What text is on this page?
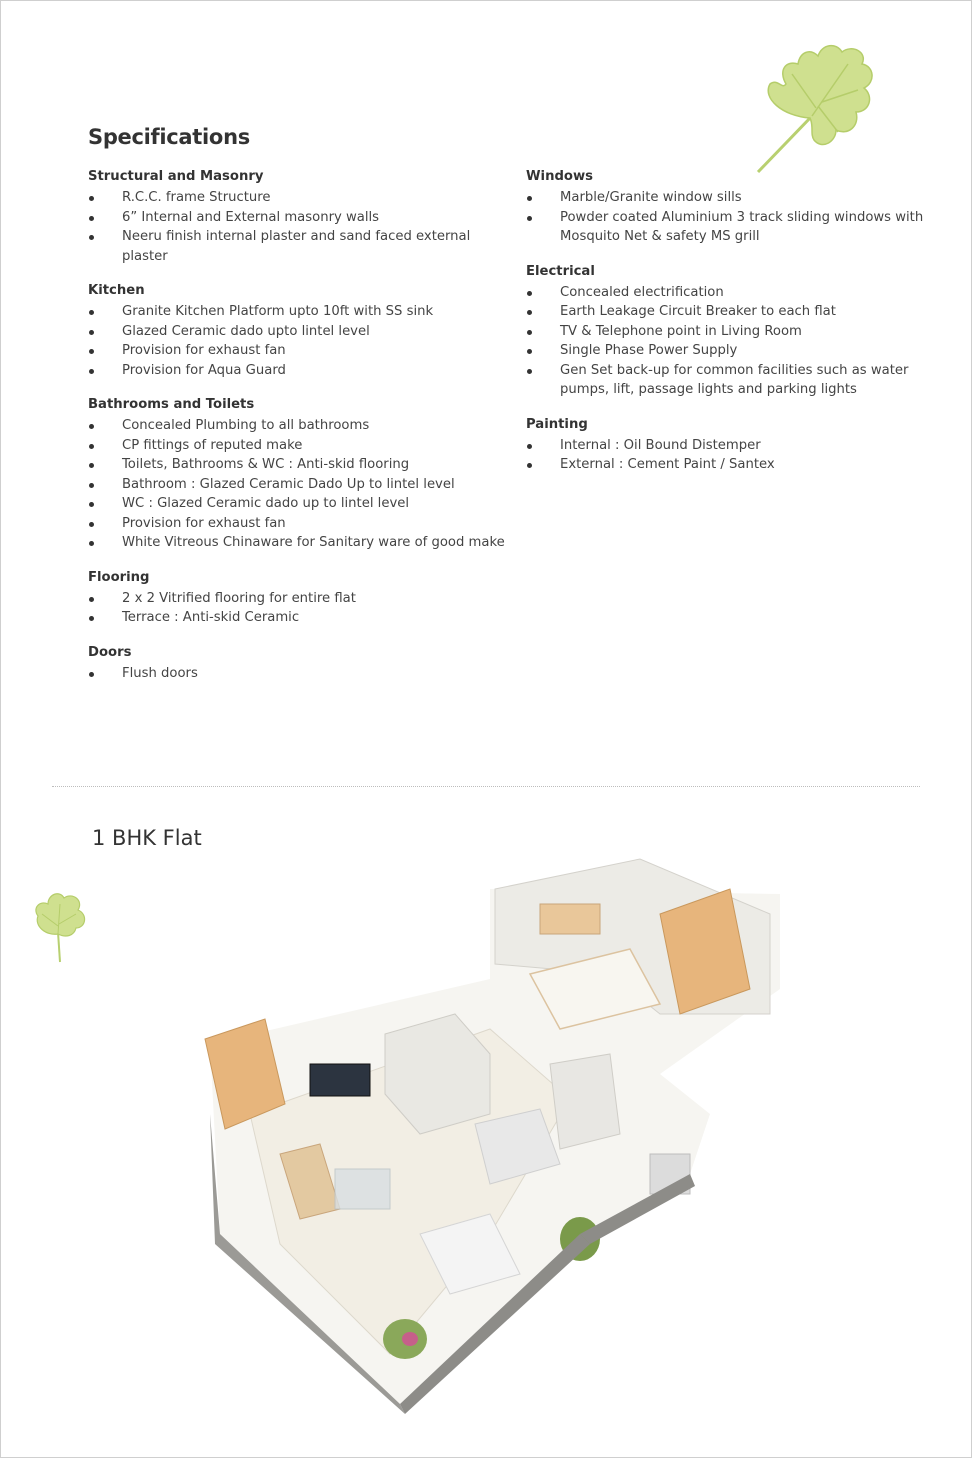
Specifications
Structural and Masonry
R.C.C. frame Structure
6” Internal and External masonry walls
Neeru finish internal plaster and sand faced external plaster
Kitchen
Granite Kitchen Platform upto 10ft with SS sink
Glazed Ceramic dado upto lintel level
Provision for exhaust fan
Provision for Aqua Guard
Bathrooms and Toilets
Concealed Plumbing to all bathrooms
CP fittings of reputed make
Toilets, Bathrooms & WC : Anti-skid flooring
Bathroom : Glazed Ceramic Dado Up to lintel level
WC : Glazed Ceramic dado up to lintel level
Provision for exhaust fan
White Vitreous Chinaware for Sanitary ware of good make
Flooring
2 x 2 Vitrified flooring for entire flat
Terrace : Anti-skid Ceramic
Doors
Flush doors
Windows
Marble/Granite window sills
Powder coated Aluminium 3 track sliding windows with Mosquito Net & safety MS grill
Electrical
Concealed electrification
Earth Leakage Circuit Breaker to each flat
TV & Telephone point in Living Room
Single Phase Power Supply
Gen Set back-up for common facilities such as water pumps, lift, passage lights and parking lights
Painting
Internal : Oil Bound Distemper
External : Cement Paint / Santex
1 BHK Flat
